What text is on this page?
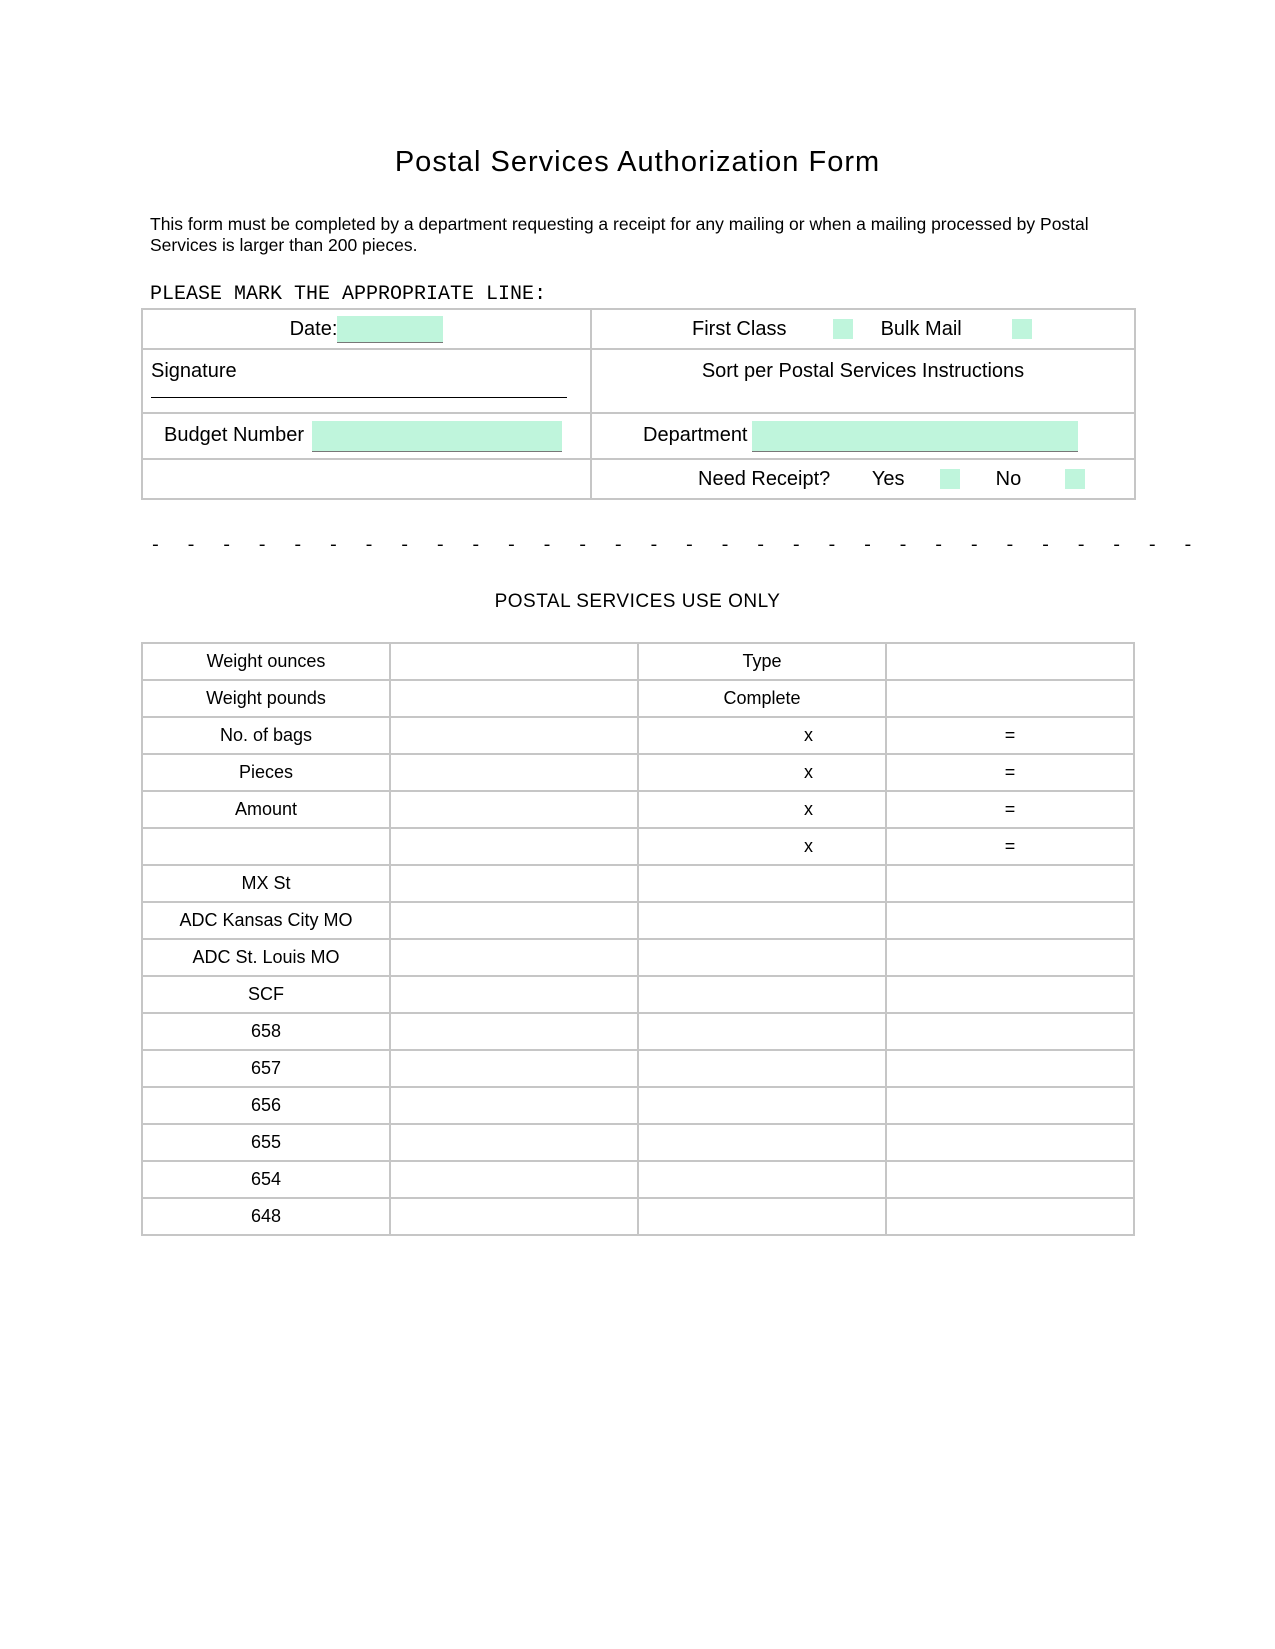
Postal Services Authorization Form
This form must be completed by a department requesting a receipt for any mailing or when a mailing processed by Postal Services is larger than 200 pieces.
PLEASE MARK THE APPROPRIATE LINE:
Date:	First Class Bulk Mail
Signature	Sort per Postal Services Instructions
Budget Number	Department
	Need Receipt? Yes No
- - - - - - - - - - - - - - - - - - - - - - - - - - - - - -
POSTAL SERVICES USE ONLY
Weight ounces		Type	
Weight pounds		Complete	
No. of bags		x	=
Pieces		x	=
Amount		x	=
		x	=
MX St			
ADC Kansas City MO			
ADC St. Louis MO			
SCF			
658			
657			
656			
655			
654			
648			
